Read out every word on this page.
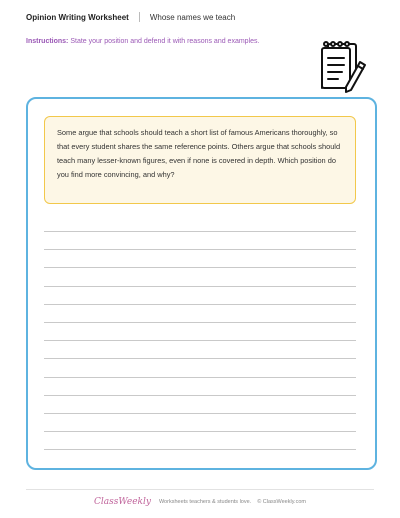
Opinion Writing Worksheet	Whose names we teach
Instructions: State your position and defend it with reasons and examples.
Some argue that schools should teach a short list of famous Americans thoroughly, so that every student shares the same reference points. Others argue that schools should teach many lesser-known figures, even if none is covered in depth. Which position do you find more convincing, and why?
ClassWeekly Worksheets teachers & students love. © ClassWeekly.com
